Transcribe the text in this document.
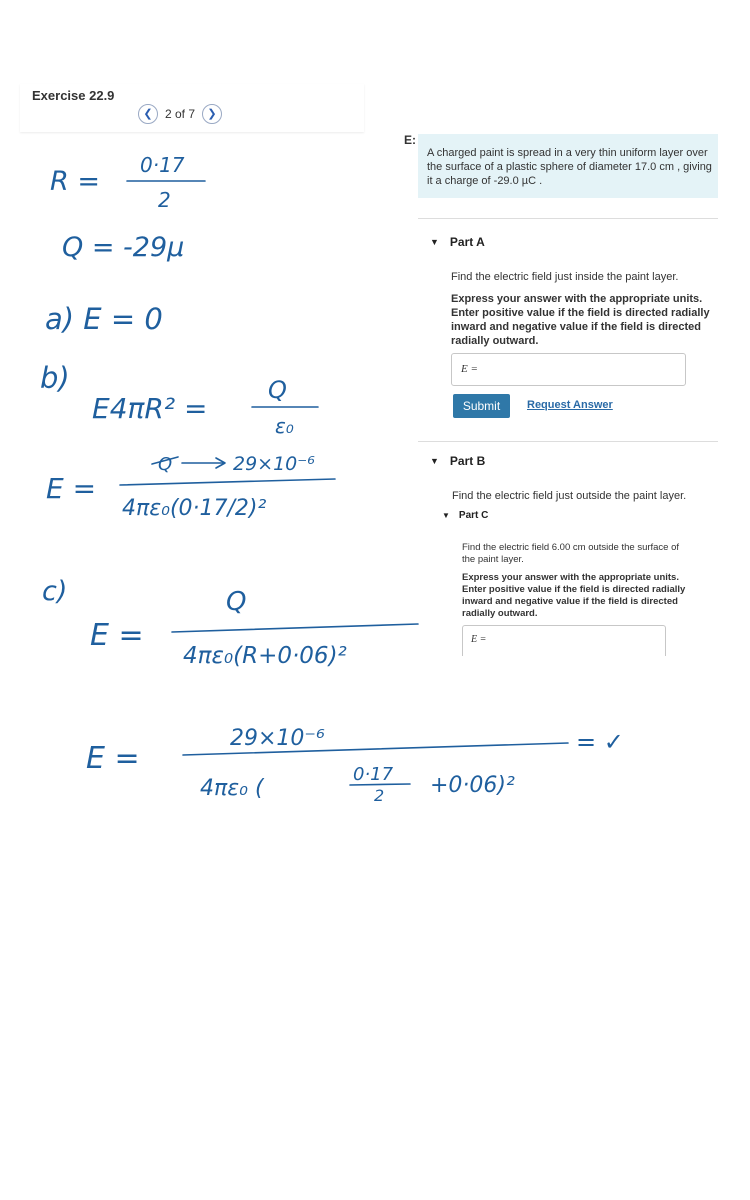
Exercise 22.9
❮ 2 of 7 ❯
E:
A charged paint is spread in a very thin uniform layer over the surface of a plastic sphere of diameter 17.0 cm , giving it a charge of -29.0 µC .
▼ Part A
Find the electric field just inside the paint layer.
Express your answer with the appropriate units. Enter positive value if the field is directed radially inward and negative value if the field is directed radially outward.
E =
Submit	Request Answer
▼ Part B
Find the electric field just outside the paint layer.
▼ Part C
Find the electric field 6.00 cm outside the surface of the paint layer.
Express your answer with the appropriate units. Enter positive value if the field is directed radially inward and negative value if the field is directed radially outward.
E =
R =
0·17
2
Q = -29µ
a) E = 0
b)
E4πR² =
Q
ε₀
E =
Q	29×10⁻⁶
4πε₀(0·17/2)²
c)
E =
Q
4πε₀(R+0·06)²
E =
29×10⁻⁶
4πε₀ (
0·17
2 +0·06)²
= ✓
